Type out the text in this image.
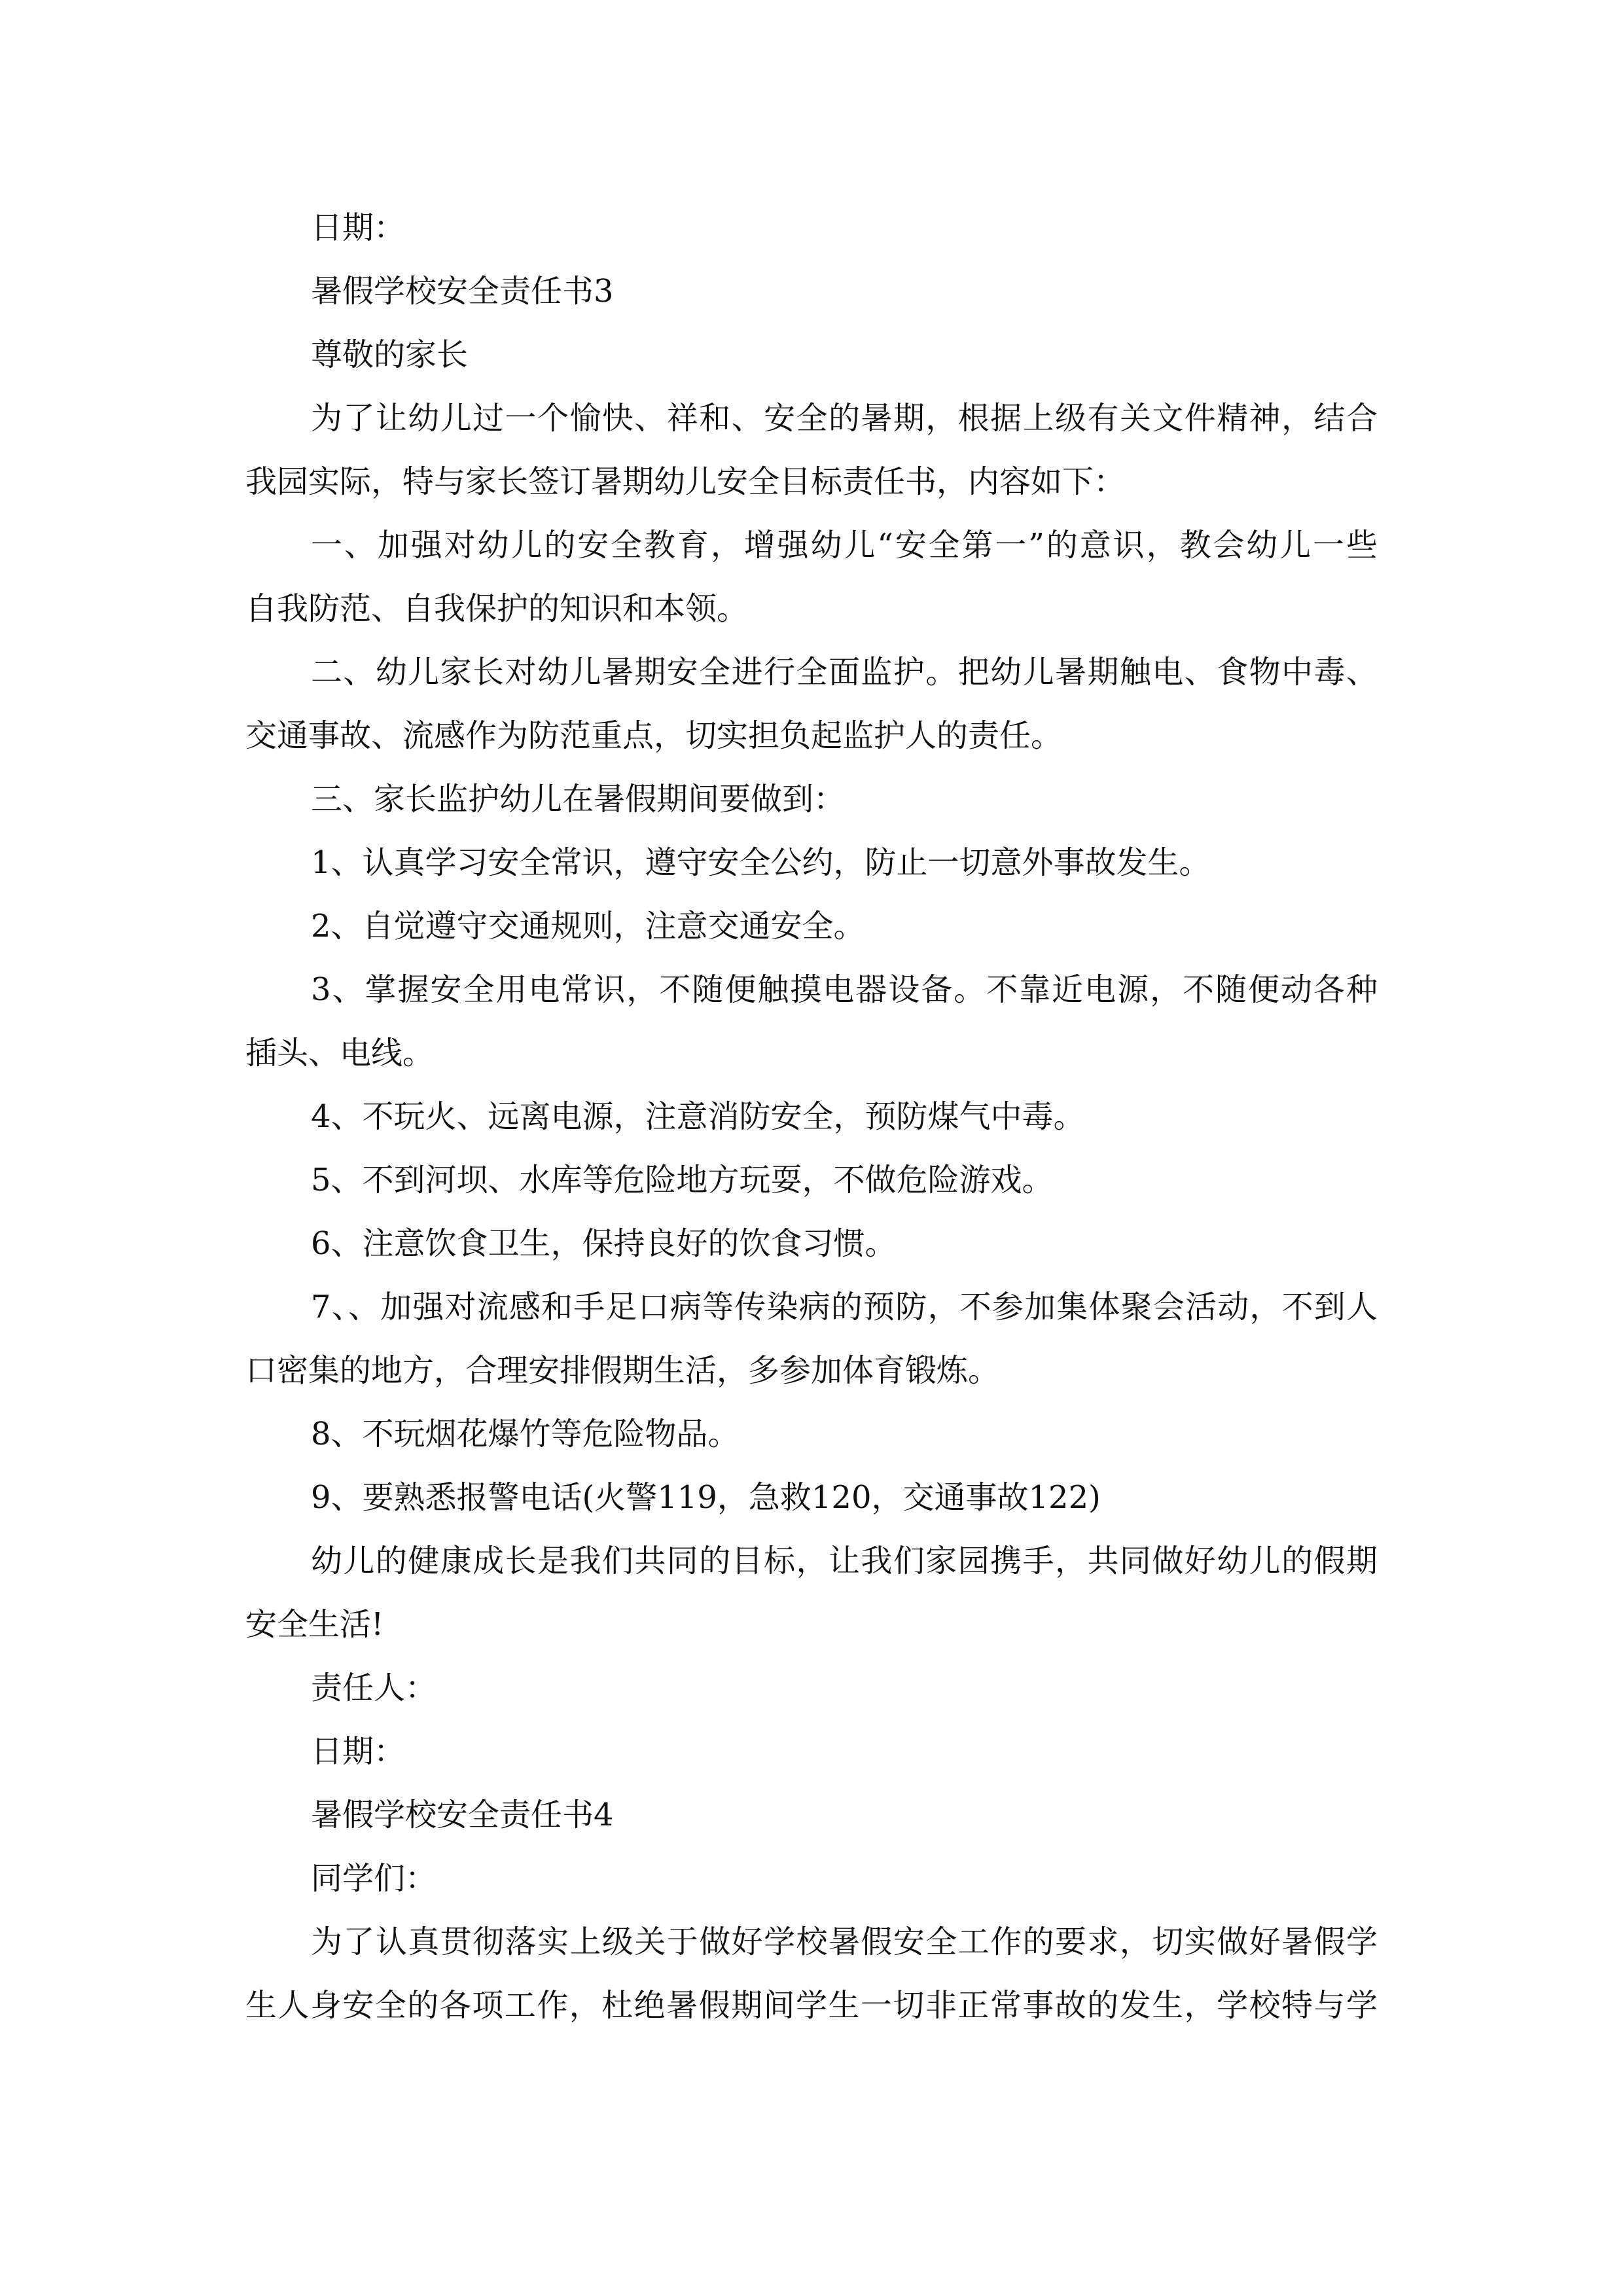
日期：
暑假学校安全责任书3
尊敬的家长
为了让幼儿过一个愉快、祥和、安全的暑期，根据上级有关文件精神，结合
我园实际，特与家长签订暑期幼儿安全目标责任书，内容如下：
一、加强对幼儿的安全教育，增强幼儿“安全第一”的意识，教会幼儿一些
自我防范、自我保护的知识和本领。
二、幼儿家长对幼儿暑期安全进行全面监护。把幼儿暑期触电、食物中毒、
交通事故、流感作为防范重点，切实担负起监护人的责任。
三、家长监护幼儿在暑假期间要做到：
1、认真学习安全常识，遵守安全公约，防止一切意外事故发生。
2、自觉遵守交通规则，注意交通安全。
3、掌握安全用电常识，不随便触摸电器设备。不靠近电源，不随便动各种
插头、电线。
4、不玩火、远离电源，注意消防安全，预防煤气中毒。
5、不到河坝、水库等危险地方玩耍，不做危险游戏。
6、注意饮食卫生，保持良好的饮食习惯。
7、、加强对流感和手足口病等传染病的预防，不参加集体聚会活动，不到人
口密集的地方，合理安排假期生活，多参加体育锻炼。
8、不玩烟花爆竹等危险物品。
9、要熟悉报警电话(火警119，急救120，交通事故122)
幼儿的健康成长是我们共同的目标，让我们家园携手，共同做好幼儿的假期
安全生活!
责任人：
日期：
暑假学校安全责任书4
同学们：
为了认真贯彻落实上级关于做好学校暑假安全工作的要求，切实做好暑假学
生人身安全的各项工作，杜绝暑假期间学生一切非正常事故的发生，学校特与学
